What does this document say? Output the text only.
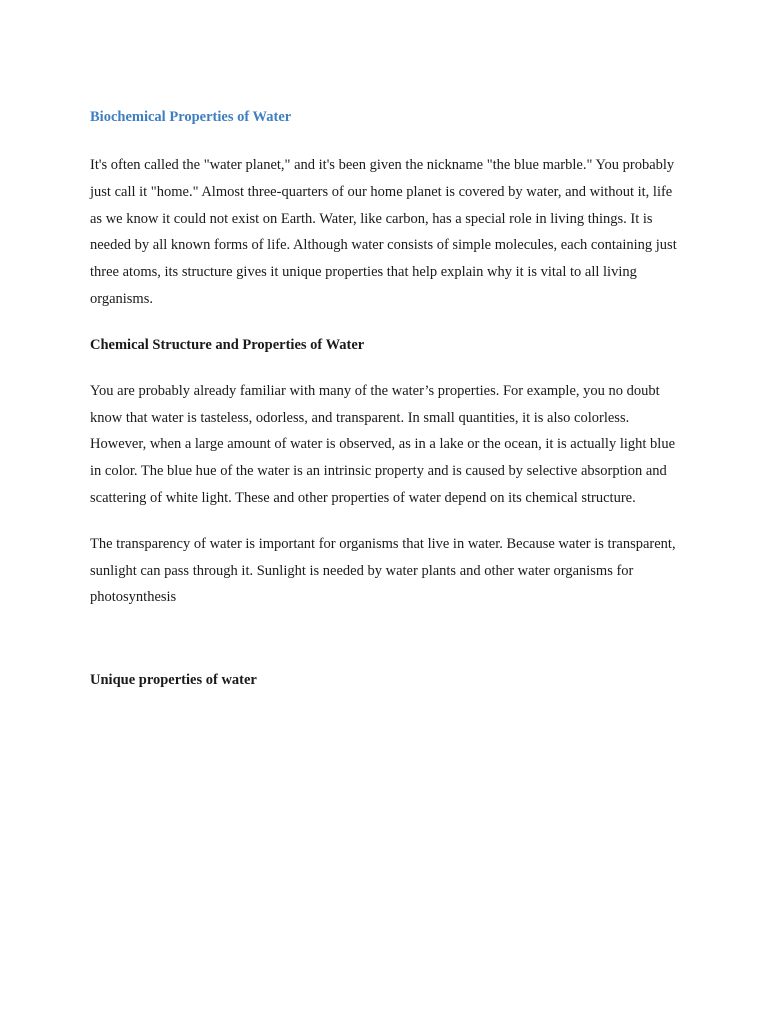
Biochemical Properties of Water

It's often called the "water planet," and it's been given the nickname "the blue marble." You probably just call it "home." Almost three-quarters of our home planet is covered by water, and without it, life as we know it could not exist on Earth. Water, like carbon, has a special role in living things. It is needed by all known forms of life. Although water consists of simple molecules, each containing just three atoms, its structure gives it unique properties that help explain why it is vital to all living organisms.

Chemical Structure and Properties of Water

You are probably already familiar with many of the water’s properties. For example, you no doubt know that water is tasteless, odorless, and transparent. In small quantities, it is also colorless. However, when a large amount of water is observed, as in a lake or the ocean, it is actually light blue in color. The blue hue of the water is an intrinsic property and is caused by selective absorption and scattering of white light. These and other properties of water depend on its chemical structure.

The transparency of water is important for organisms that live in water. Because water is transparent, sunlight can pass through it. Sunlight is needed by water plants and other water organisms for photosynthesis

Unique properties of water
